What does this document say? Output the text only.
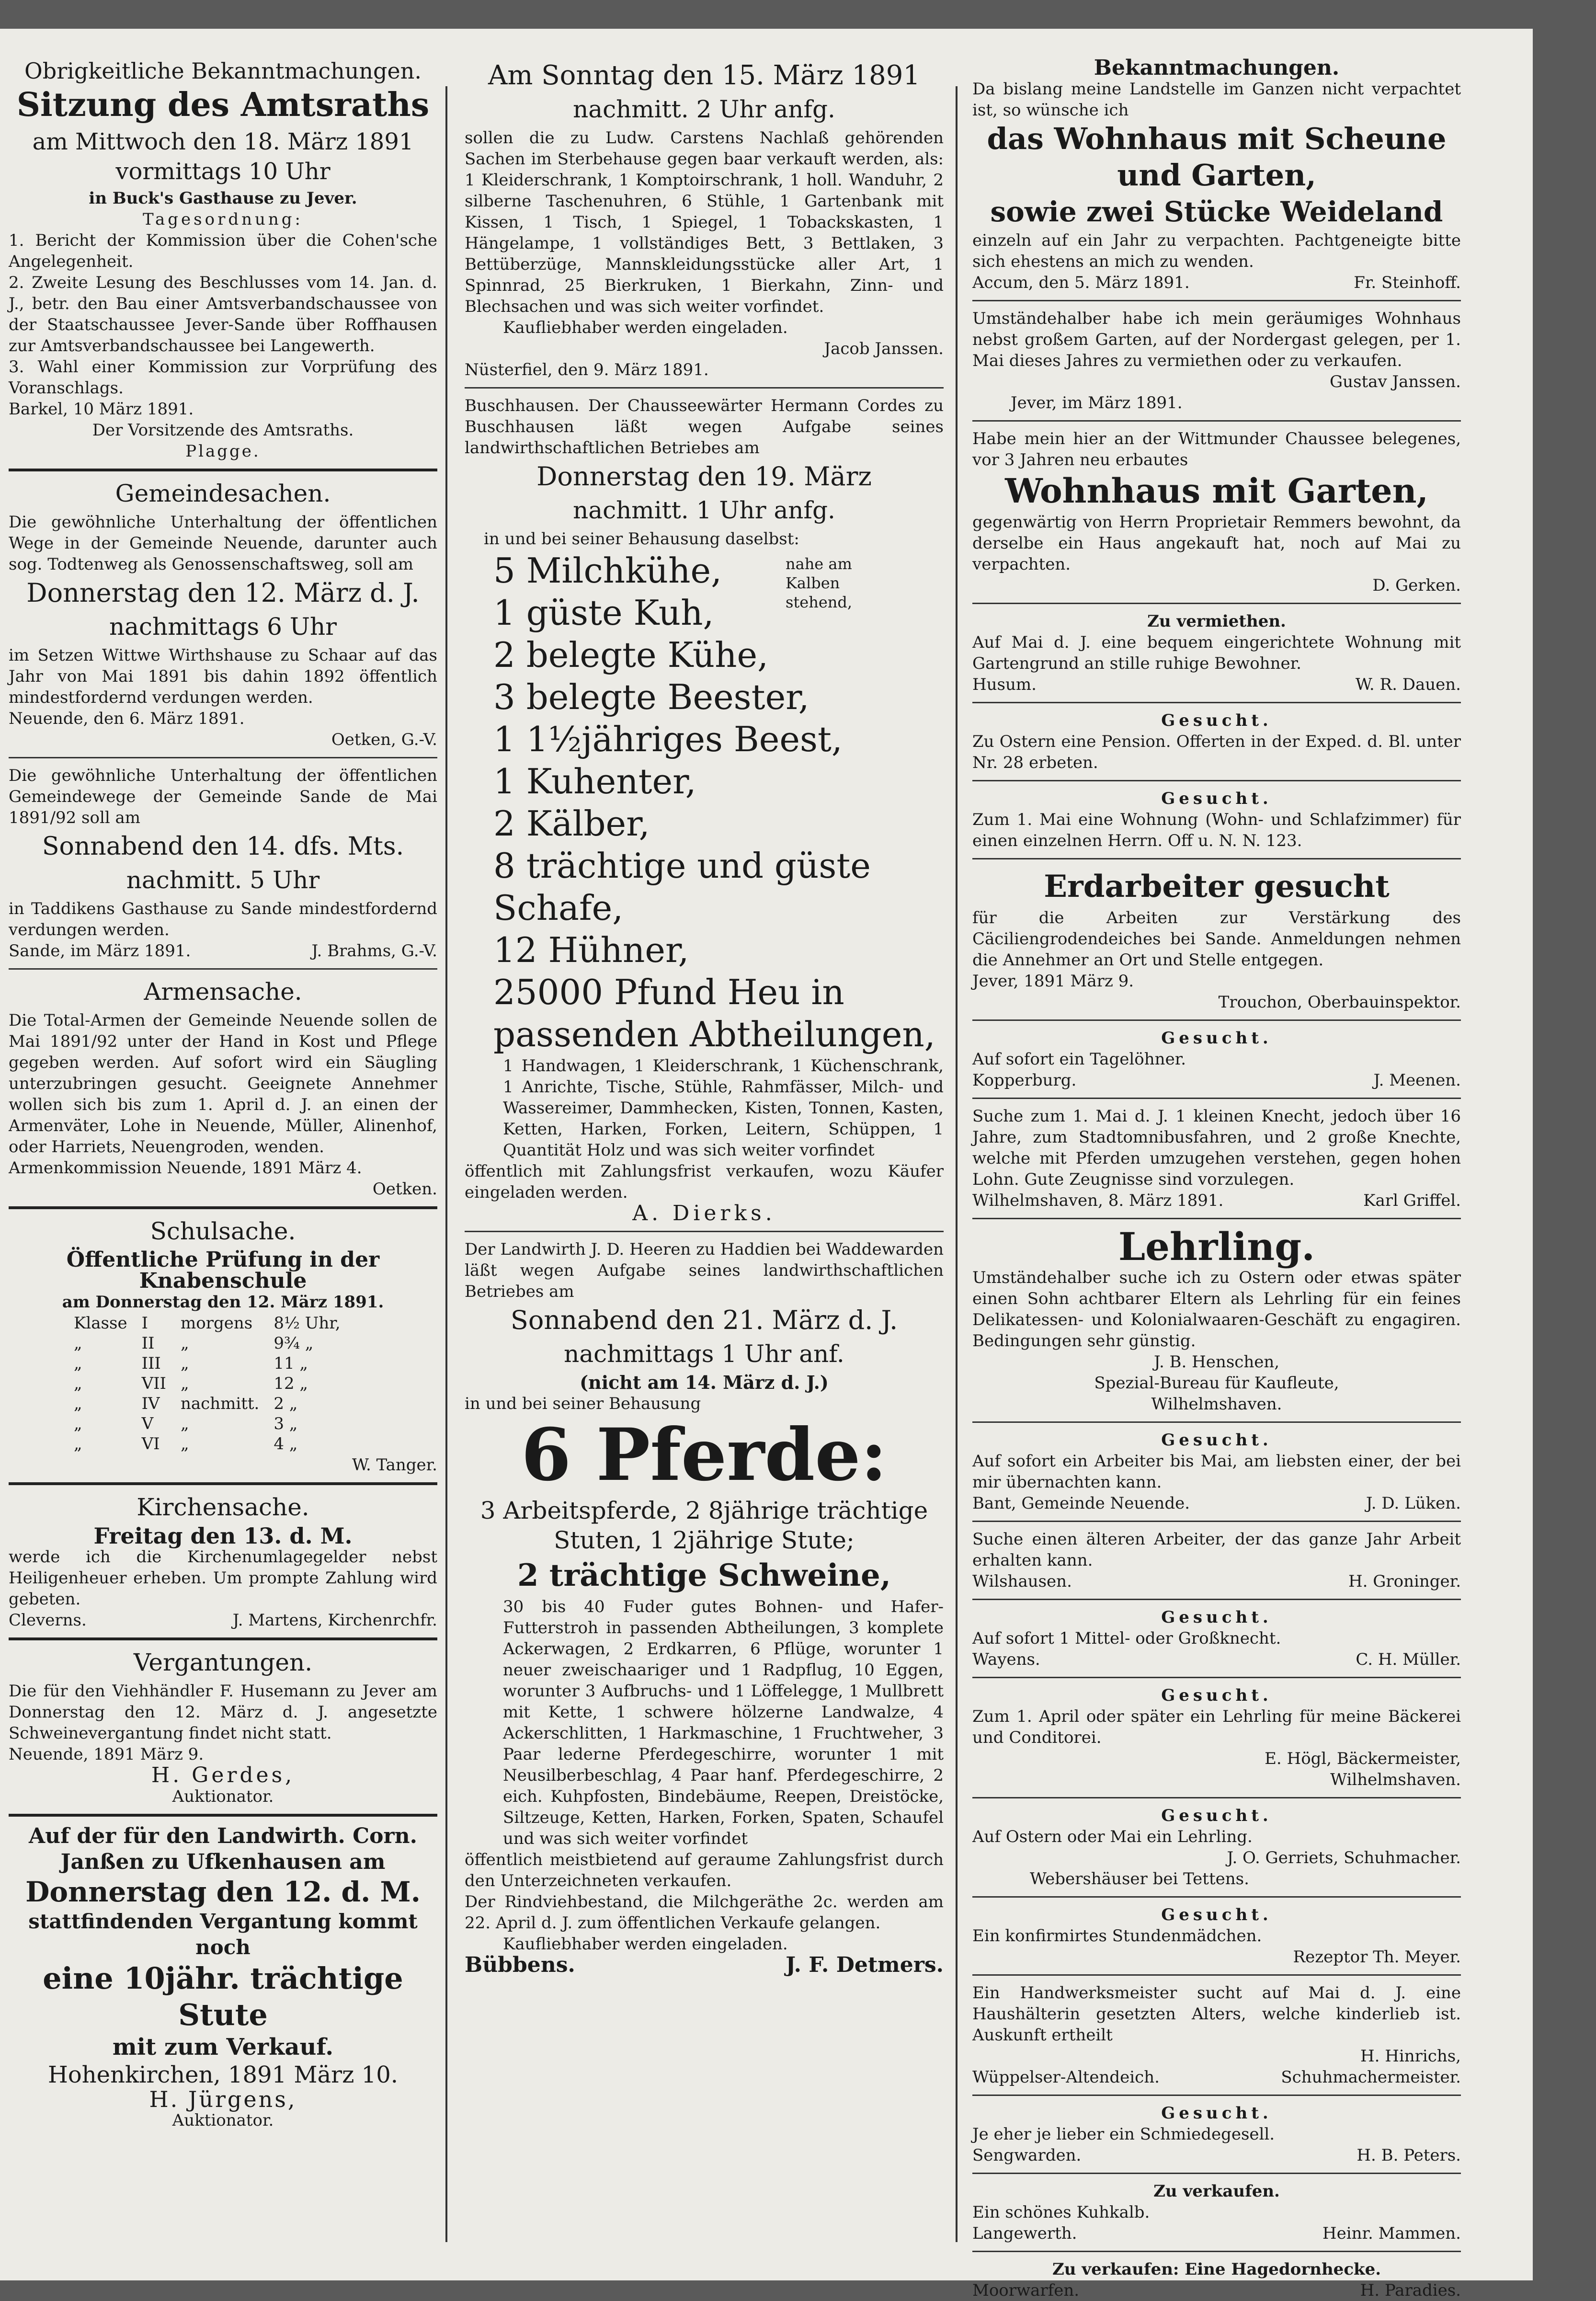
Obrigkeitliche Bekanntmachungen.

Sitzung des Amtsraths

am Mittwoch den 18. März 1891

vormittags 10 Uhr

in Buck's Gasthause zu Jever.

Tagesordnung:

1. Bericht der Kommission über die Cohen'sche Angelegenheit.

2. Zweite Lesung des Beschlusses vom 14. Jan. d. J., betr. den Bau einer Amtsverbandschaussee von der Staatschaussee Jever-Sande über Roffhausen zur Amtsverbandschaussee bei Langewerth.

3. Wahl einer Kommission zur Vorprüfung des Voranschlags.

Barkel, 10 März 1891.

Der Vorsitzende des Amtsraths.

Plagge.

Gemeindesachen.

Die gewöhnliche Unterhaltung der öffentlichen Wege in der Gemeinde Neuende, darunter auch sog. Todtenweg als Genossenschaftsweg, soll am

Donnerstag den 12. März d. J.

nachmittags 6 Uhr

im Setzen Wittwe Wirthshause zu Schaar auf das Jahr von Mai 1891 bis dahin 1892 öffentlich mindestfordernd verdungen werden.

Neuende, den 6. März 1891.

Oetken, G.-V.

Die gewöhnliche Unterhaltung der öffentlichen Gemeindewege der Gemeinde Sande de Mai 1891/92 soll am

Sonnabend den 14. dfs. Mts.

nachmitt. 5 Uhr

in Taddikens Gasthause zu Sande mindestfordernd verdungen werden.

Sande, im März 1891.	J. Brahms, G.-V.

Armensache.

Die Total-Armen der Gemeinde Neuende sollen de Mai 1891/92 unter der Hand in Kost und Pflege gegeben werden. Auf sofort wird ein Säugling unterzubringen gesucht. Geeignete Annehmer wollen sich bis zum 1. April d. J. an einen der Armenväter, Lohe in Neuende, Müller, Alinenhof, oder Harriets, Neuengroden, wenden.

Armenkommission Neuende, 1891 März 4.

Oetken.

Schulsache.

Öffentliche Prüfung in der Knabenschule

am Donnerstag den 12. März 1891.

Klasse	I	morgens	8½ Uhr,
„	II	„	9¾ „
„	III	„	11 „
„	VII	„	12 „
„	IV	nachmitt.	2 „
„	V	„	3 „
„	VI	„	4 „

W. Tanger.

Kirchensache.

Freitag den 13. d. M.

werde ich die Kirchenumlagegelder nebst Heiligenheuer erheben. Um prompte Zahlung wird gebeten.

Cleverns.	J. Martens, Kirchenrchfr.

Vergantungen.

Die für den Viehhändler F. Husemann zu Jever am Donnerstag den 12. März d. J. angesetzte Schweinevergantung findet nicht statt.

Neuende, 1891 März 9.

H. Gerdes,

Auktionator.

Auf der für den Landwirth. Corn.

Janßen zu Ufkenhausen am

Donnerstag den 12. d. M.

stattfindenden Vergantung kommt noch

eine 10jähr. trächtige

Stute

mit zum Verkauf.

Hohenkirchen, 1891 März 10.

H. Jürgens,

Auktionator.

Am Sonntag den 15. März 1891

nachmitt. 2 Uhr anfg.

sollen die zu Ludw. Carstens Nachlaß gehörenden Sachen im Sterbehause gegen baar verkauft werden, als: 1 Kleiderschrank, 1 Komptoirschrank, 1 holl. Wanduhr, 2 silberne Taschenuhren, 6 Stühle, 1 Gartenbank mit Kissen, 1 Tisch, 1 Spiegel, 1 Tobackskasten, 1 Hängelampe, 1 vollständiges Bett, 3 Bettlaken, 3 Bettüberzüge, Mannskleidungsstücke aller Art, 1 Spinnrad, 25 Bierkruken, 1 Bierkahn, Zinn- und Blechsachen und was sich weiter vorfindet.

Kaufliebhaber werden eingeladen.

Jacob Janssen.

Nüsterfiel, den 9. März 1891.

Buschhausen. Der Chausseewärter Hermann Cordes zu Buschhausen läßt wegen Aufgabe seines landwirthschaftlichen Betriebes am

Donnerstag den 19. März

nachmitt. 1 Uhr anfg.

in und bei seiner Behausung daselbst:

5 Milchkühe,	nahe am Kalben stehend,

1 güste Kuh,

2 belegte Kühe,

3 belegte Beester,

1 1½jähriges Beest,

1 Kuhenter,

2 Kälber,

8 trächtige und güste Schafe,

12 Hühner,

25000 Pfund Heu in passenden Abtheilungen,

1 Handwagen, 1 Kleiderschrank, 1 Küchenschrank, 1 Anrichte, Tische, Stühle, Rahmfässer, Milch- und Wassereimer, Dammhecken, Kisten, Tonnen, Kasten, Ketten, Harken, Forken, Leitern, Schüppen, 1 Quantität Holz und was sich weiter vorfindet

öffentlich mit Zahlungsfrist verkaufen, wozu Käufer eingeladen werden.

A. Dierks.

Der Landwirth J. D. Heeren zu Haddien bei Waddewarden läßt wegen Aufgabe seines landwirthschaftlichen Betriebes am

Sonnabend den 21. März d. J.

nachmittags 1 Uhr anf.

(nicht am 14. März d. J.)

in und bei seiner Behausung

6 Pferde:

3 Arbeitspferde, 2 8jährige trächtige Stuten, 1 2jährige Stute;

2 trächtige Schweine,

30 bis 40 Fuder gutes Bohnen- und Hafer-Futterstroh in passenden Abtheilungen, 3 komplete Ackerwagen, 2 Erdkarren, 6 Pflüge, worunter 1 neuer zweischaariger und 1 Radpflug, 10 Eggen, worunter 3 Aufbruchs- und 1 Löffelegge, 1 Mullbrett mit Kette, 1 schwere hölzerne Landwalze, 4 Ackerschlitten, 1 Harkmaschine, 1 Fruchtweher, 3 Paar lederne Pferdegeschirre, worunter 1 mit Neusilberbeschlag, 4 Paar hanf. Pferdegeschirre, 2 eich. Kuhpfosten, Bindebäume, Reepen, Dreistöcke, Siltzeuge, Ketten, Harken, Forken, Spaten, Schaufel und was sich weiter vorfindet

öffentlich meistbietend auf geraume Zahlungsfrist durch den Unterzeichneten verkaufen.

Der Rindviehbestand, die Milchgeräthe 2c. werden am 22. April d. J. zum öffentlichen Verkaufe gelangen.

Kaufliebhaber werden eingeladen.

Bübbens.	J. F. Detmers.

Bekanntmachungen.

Da bislang meine Landstelle im Ganzen nicht verpachtet ist, so wünsche ich

das Wohnhaus mit Scheune

und Garten,

sowie zwei Stücke Weideland

einzeln auf ein Jahr zu verpachten. Pachtgeneigte bitte sich ehestens an mich zu wenden.

Accum, den 5. März 1891.	Fr. Steinhoff.

Umständehalber habe ich mein geräumiges Wohnhaus nebst großem Garten, auf der Nordergast gelegen, per 1. Mai dieses Jahres zu vermiethen oder zu verkaufen.

Gustav Janssen.

Jever, im März 1891.

Habe mein hier an der Wittmunder Chaussee belegenes, vor 3 Jahren neu erbautes

Wohnhaus mit Garten,

gegenwärtig von Herrn Proprietair Remmers bewohnt, da derselbe ein Haus angekauft hat, noch auf Mai zu verpachten.

D. Gerken.

Zu vermiethen.

Auf Mai d. J. eine bequem eingerichtete Wohnung mit Gartengrund an stille ruhige Bewohner.

Husum.	W. R. Dauen.

Gesucht.

Zu Ostern eine Pension. Offerten in der Exped. d. Bl. unter Nr. 28 erbeten.

Gesucht.

Zum 1. Mai eine Wohnung (Wohn- und Schlafzimmer) für einen einzelnen Herrn. Off u. N. N. 123.

Erdarbeiter gesucht

für die Arbeiten zur Verstärkung des Cäciliengrodendeiches bei Sande. Anmeldungen nehmen die Annehmer an Ort und Stelle entgegen.

Jever, 1891 März 9.

Trouchon, Oberbauinspektor.

Gesucht.

Auf sofort ein Tagelöhner.

Kopperburg.	J. Meenen.

Suche zum 1. Mai d. J. 1 kleinen Knecht, jedoch über 16 Jahre, zum Stadtomnibusfahren, und 2 große Knechte, welche mit Pferden umzugehen verstehen, gegen hohen Lohn. Gute Zeugnisse sind vorzulegen.

Wilhelmshaven, 8. März 1891.	Karl Griffel.

Lehrling.

Umständehalber suche ich zu Ostern oder etwas später einen Sohn achtbarer Eltern als Lehrling für ein feines Delikatessen- und Kolonialwaaren-Geschäft zu engagiren. Bedingungen sehr günstig.

J. B. Henschen,

Spezial-Bureau für Kaufleute,

Wilhelmshaven.

Gesucht.

Auf sofort ein Arbeiter bis Mai, am liebsten einer, der bei mir übernachten kann.

Bant, Gemeinde Neuende.	J. D. Lüken.

Suche einen älteren Arbeiter, der das ganze Jahr Arbeit erhalten kann.

Wilshausen.	H. Groninger.

Gesucht.

Auf sofort 1 Mittel- oder Großknecht.

Wayens.	C. H. Müller.

Gesucht.

Zum 1. April oder später ein Lehrling für meine Bäckerei und Conditorei.

E. Högl, Bäckermeister,

Wilhelmshaven.

Gesucht.

Auf Ostern oder Mai ein Lehrling.

J. O. Gerriets, Schuhmacher.

Webershäuser bei Tettens.

Gesucht.

Ein konfirmirtes Stundenmädchen.

Rezeptor Th. Meyer.

Ein Handwerksmeister sucht auf Mai d. J. eine Haushälterin gesetzten Alters, welche kinderlieb ist. Auskunft ertheilt

H. Hinrichs,

Wüppelser-Altendeich.	Schuhmachermeister.

Gesucht.

Je eher je lieber ein Schmiedegesell.

Sengwarden.	H. B. Peters.

Zu verkaufen.

Ein schönes Kuhkalb.

Langewerth.	Heinr. Mammen.

Zu verkaufen: Eine Hagedornhecke.

Moorwarfen.	H. Paradies.
